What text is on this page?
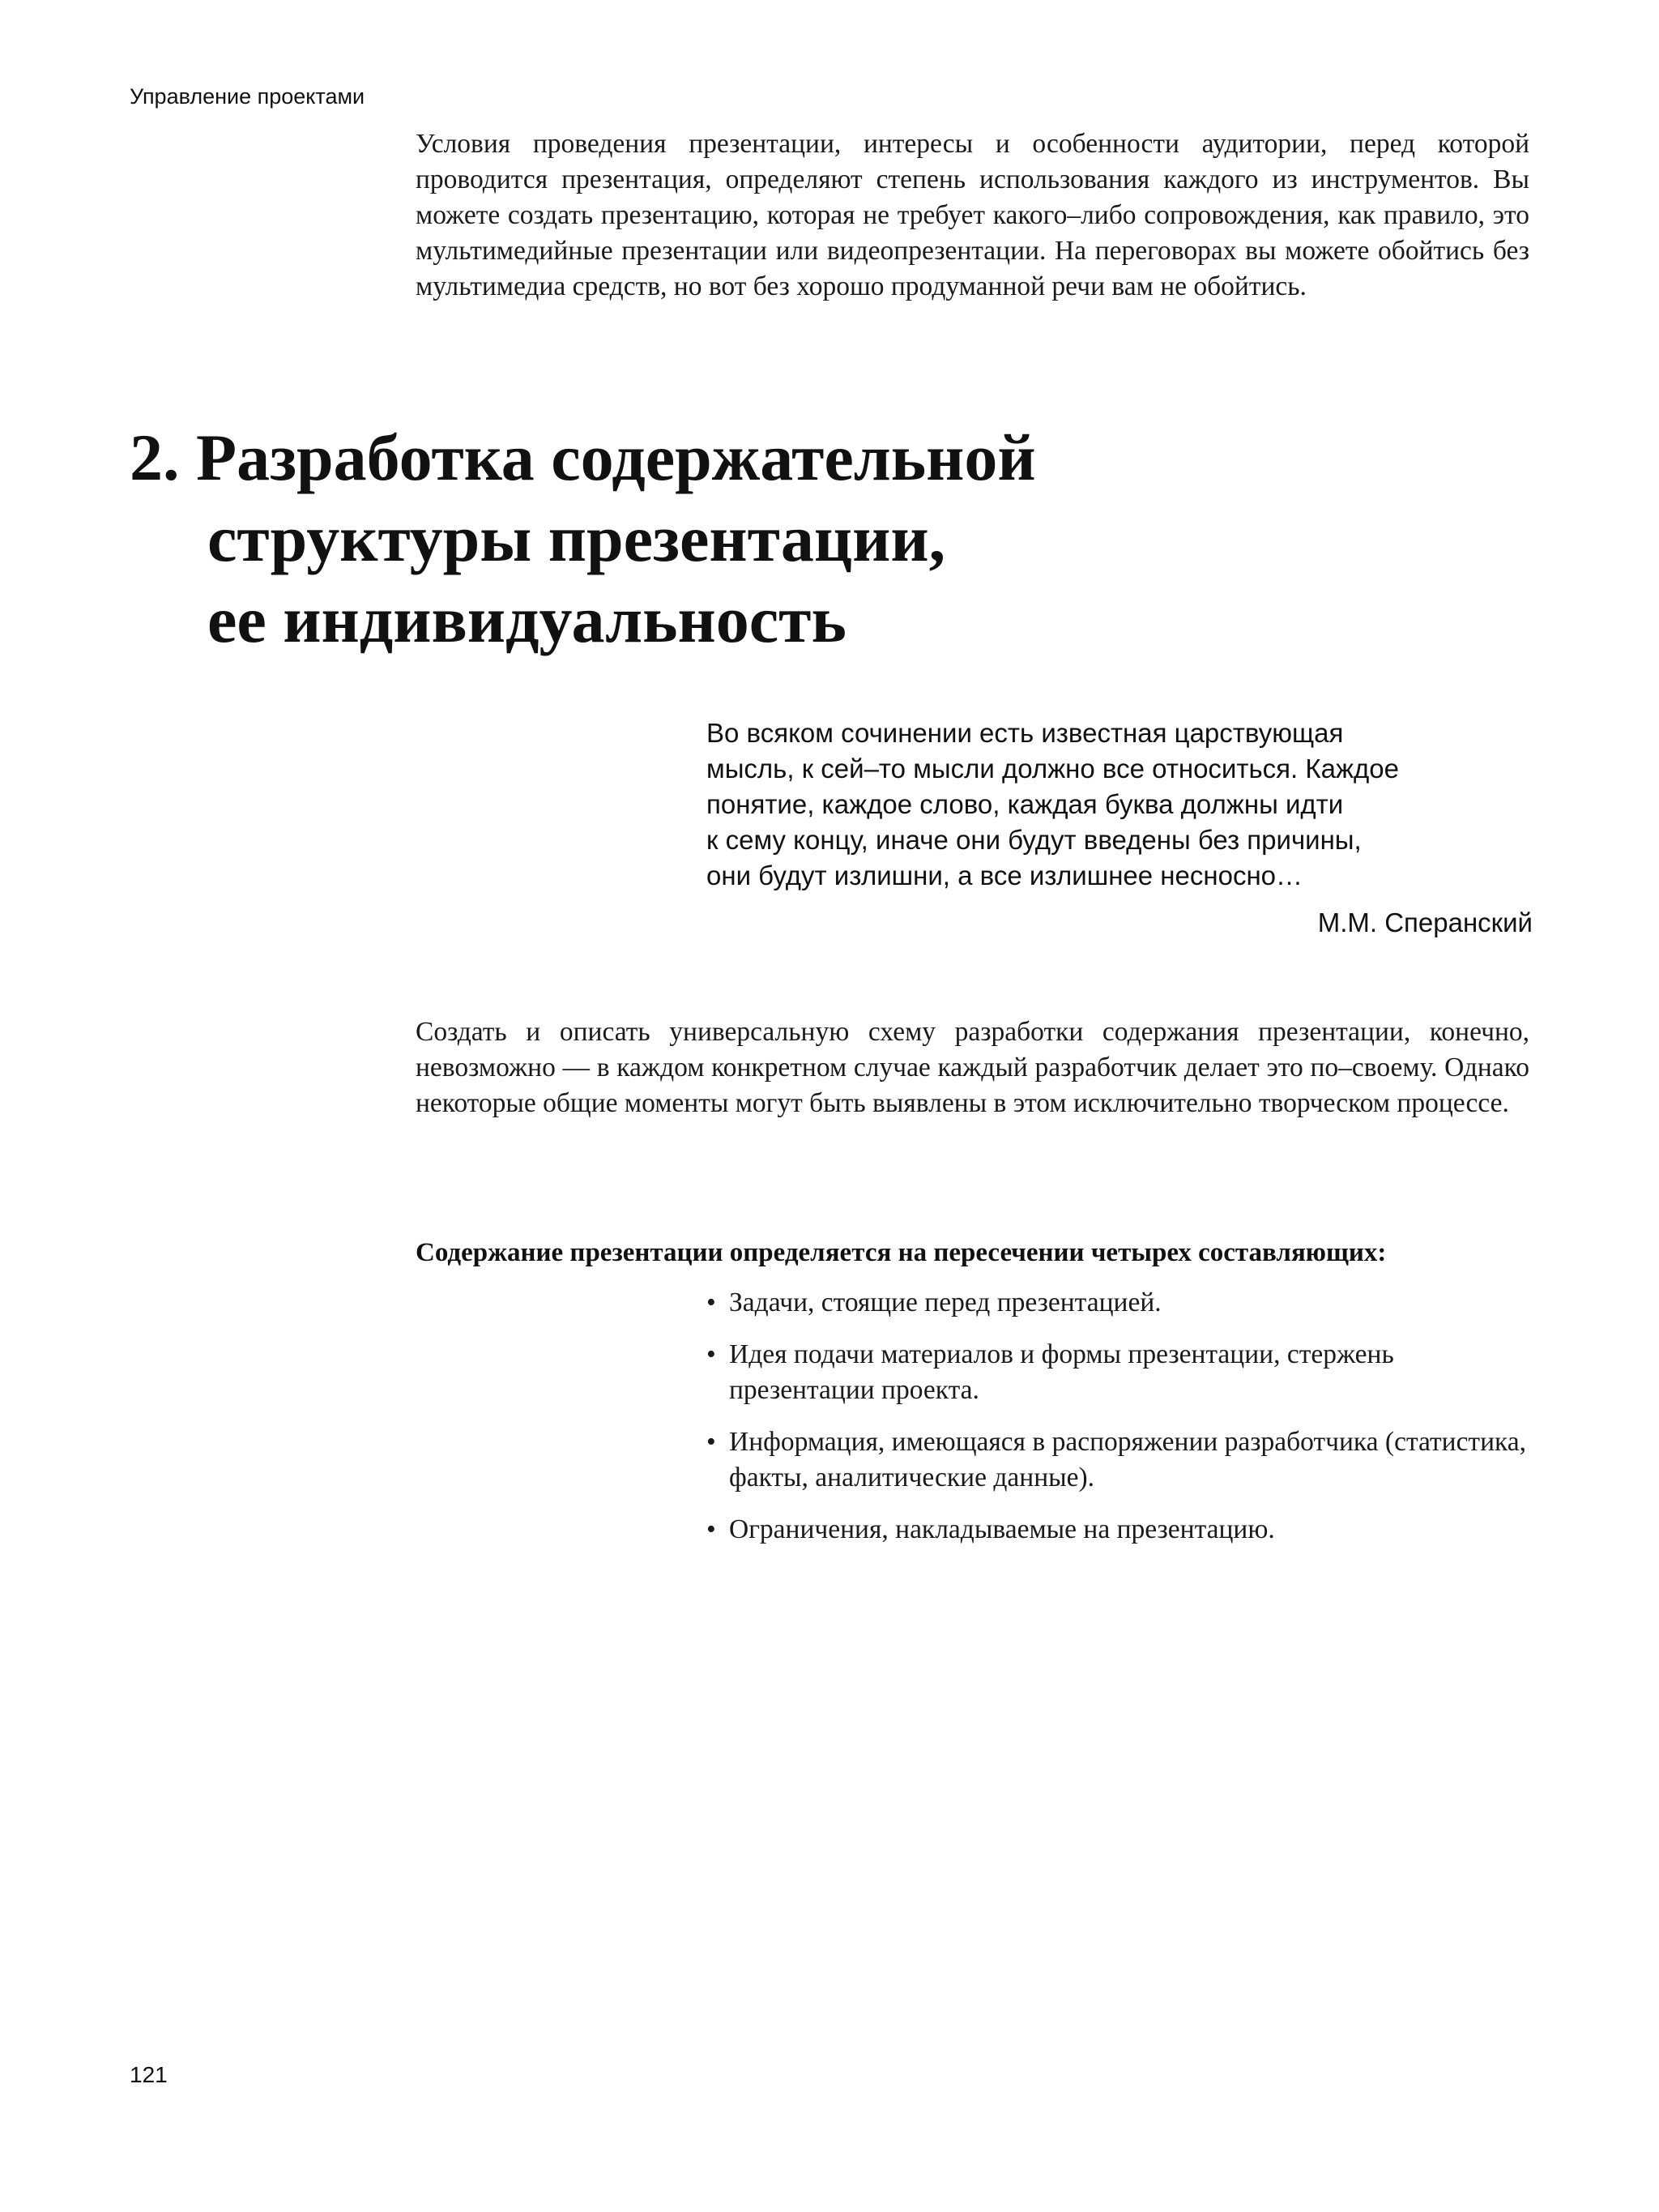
Управление проектами

Условия проведения презентации, интересы и особенности аудитории, перед которой проводится презентация, определяют степень использования каждого из инструментов. Вы можете создать презентацию, которая не требует какого–либо сопровождения, как правило, это мультимедийные презентации или видеопрезентации. На переговорах вы можете обойтись без мультимедиа средств, но вот без хорошо продуманной речи вам не обойтись.

2. Разработка содержательной
структуры презентации,
ее индивидуальность
Во всяком сочинении есть известная царствующая
мысль, к сей–то мысли должно все относиться. Каждое
понятие, каждое слово, каждая буква должны идти
к сему концу, иначе они будут введены без причины,
они будут излишни, а все излишнее несносно…
М.М. Сперанский

Создать и описать универсальную схему разработки содержания презентации, конечно, невозможно — в каждом конкретном случае каждый разработчик делает это по–своему. Однако некоторые общие моменты могут быть выявлены в этом исключительно творческом процессе.

Содержание презентации определяется на пересечении четырех составляющих:
• Задачи, стоящие перед презентацией.
• Идея подачи материалов и формы презентации, стержень презентации проекта.
• Информация, имеющаяся в распоряжении разработчика (статистика, факты, аналитические данные).
• Ограничения, накладываемые на презентацию.
121
